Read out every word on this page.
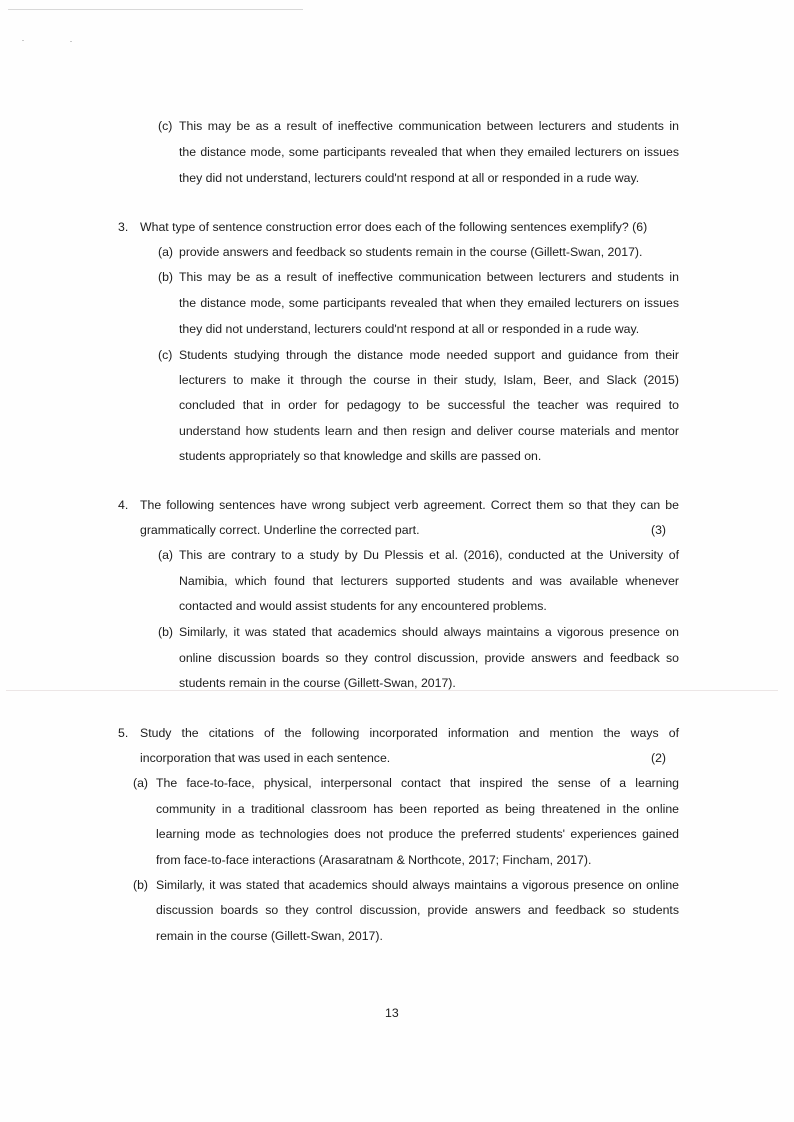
(c) This may be as a result of ineffective communication between lecturers and students in

the distance mode, some participants revealed that when they emailed lecturers on issues

they did not understand, lecturers could'nt respond at all or responded in a rude way.

3. What type of sentence construction error does each of the following sentences exemplify? (6)

(a) provide answers and feedback so students remain in the course (Gillett-Swan, 2017).

(b) This may be as a result of ineffective communication between lecturers and students in

the distance mode, some participants revealed that when they emailed lecturers on issues

they did not understand, lecturers could'nt respond at all or responded in a rude way.

(c) Students studying through the distance mode needed support and guidance from their

lecturers to make it through the course in their study, Islam, Beer, and Slack (2015)

concluded that in order for pedagogy to be successful the teacher was required to

understand how students learn and then resign and deliver course materials and mentor

students appropriately so that knowledge and skills are passed on.

4. The following sentences have wrong subject verb agreement. Correct them so that they can be

grammatically correct. Underline the corrected part.	(3)
(a) This are contrary to a study by Du Plessis et al. (2016), conducted at the University of

Namibia, which found that lecturers supported students and was available whenever

contacted and would assist students for any encountered problems.

(b) Similarly, it was stated that academics should always maintains a vigorous presence on

online discussion boards so they control discussion, provide answers and feedback so

students remain in the course (Gillett-Swan, 2017).

5. Study the citations of the following incorporated information and mention the ways of

incorporation that was used in each sentence.	(2)
(a) The face-to-face, physical, interpersonal contact that inspired the sense of a learning

community in a traditional classroom has been reported as being threatened in the online

learning mode as technologies does not produce the preferred students' experiences gained

from face-to-face interactions (Arasaratnam & Northcote, 2017; Fincham, 2017).

(b) Similarly, it was stated that academics should always maintains a vigorous presence on online

discussion boards so they control discussion, provide answers and feedback so students

remain in the course (Gillett-Swan, 2017).

13
